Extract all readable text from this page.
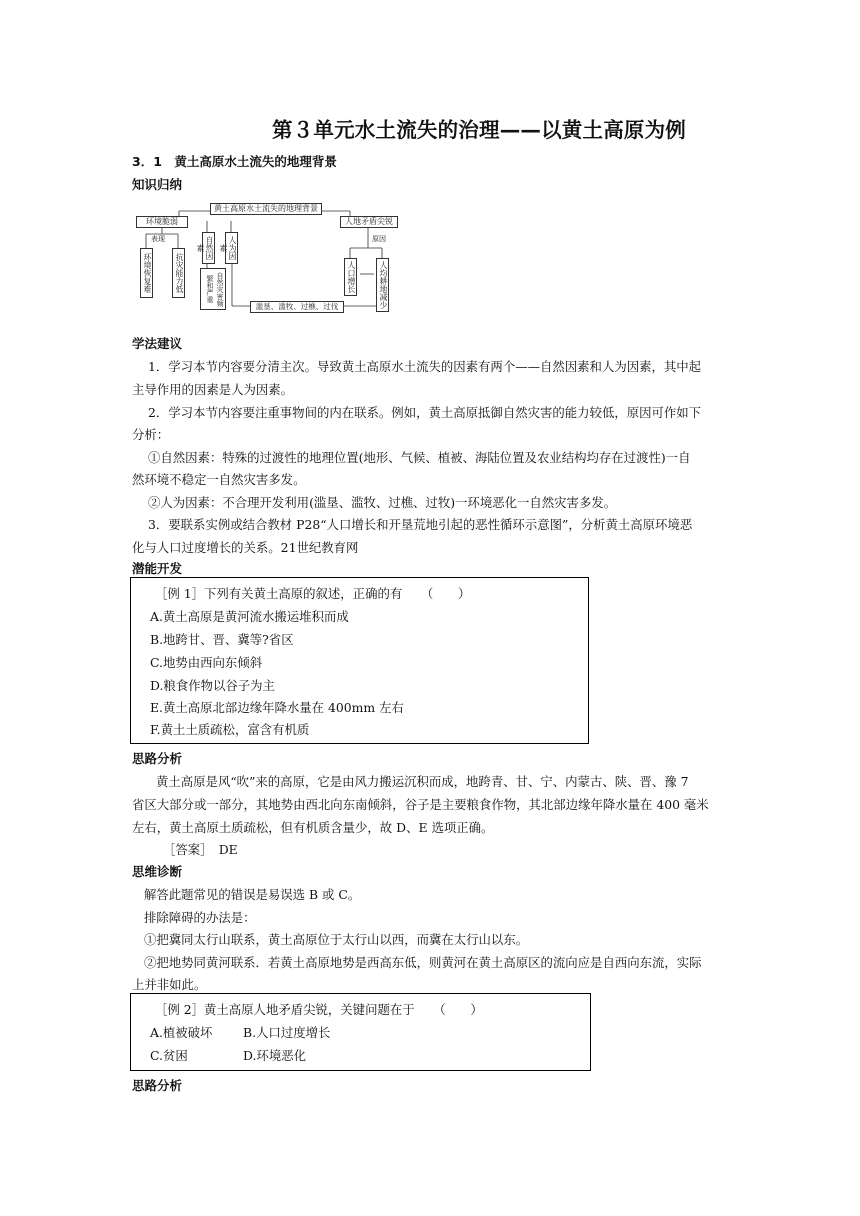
第３单元水土流失的治理——以黄土高原为例
3．1　黄土高原水土流失的地理背景
知识归纳
黄土高原水土流失的地理背景
环境脆弱
表现
环境恢复难	抗灾能力低
自然因素	人为因素
自然灾害频繁和严重
人地矛盾尖锐
原因
人口增长	人均耕地减少
滥垦、滥牧、过樵、过伐
学法建议
1．学习本节内容要分清主次。导致黄土高原水土流失的因素有两个——自然因素和人为因素，其中起
主导作用的因素是人为因素。
2．学习本节内容要注重事物间的内在联系。例如，黄土高原抵御自然灾害的能力较低，原因可作如下
分析：
①自然因素：特殊的过渡性的地理位置(地形、气候、植被、海陆位置及农业结构均存在过渡性)一自
然环境不稳定一自然灾害多发。
②人为因素：不合理开发利用(滥垦、滥牧、过樵、过牧)一环境恶化一自然灾害多发。
3．要联系实例或结合教材 P28“人口增长和开垦荒地引起的恶性循环示意图”，分析黄土高原环境恶
化与人口过度增长的关系。21世纪教育网
潜能开发
［例 1］下列有关黄土高原的叙述，正确的有　　（　　）
A.黄土高原是黄河流水搬运堆积而成
B.地跨甘、晋、冀等?省区
C.地势由西向东倾斜
D.粮食作物以谷子为主
E.黄土高原北部边缘年降水量在 400mm 左右
F.黄土土质疏松，富含有机质
思路分析
黄土高原是风“吹”来的高原，它是由风力搬运沉积而成，地跨青、甘、宁、内蒙古、陕、晋、豫 7
省区大部分或一部分，其地势由西北向东南倾斜，谷子是主要粮食作物，其北部边缘年降水量在 400 毫米
左右，黄土高原土质疏松，但有机质含量少，故 D、E 选项正确。
［答案］　DE
思维诊断
解答此题常见的错误是易误选 B 或 C。
排除障碍的办法是：
①把冀同太行山联系，黄土高原位于太行山以西，而冀在太行山以东。
②把地势同黄河联系．若黄土高原地势是西高东低，则黄河在黄土高原区的流向应是自西向东流，实际
上并非如此。
［例 2］黄土高原人地矛盾尖锐，关键问题在于　　（　　）
A.植被破坏 B.人口过度增长
C.贫困	D.环境恶化
思路分析
